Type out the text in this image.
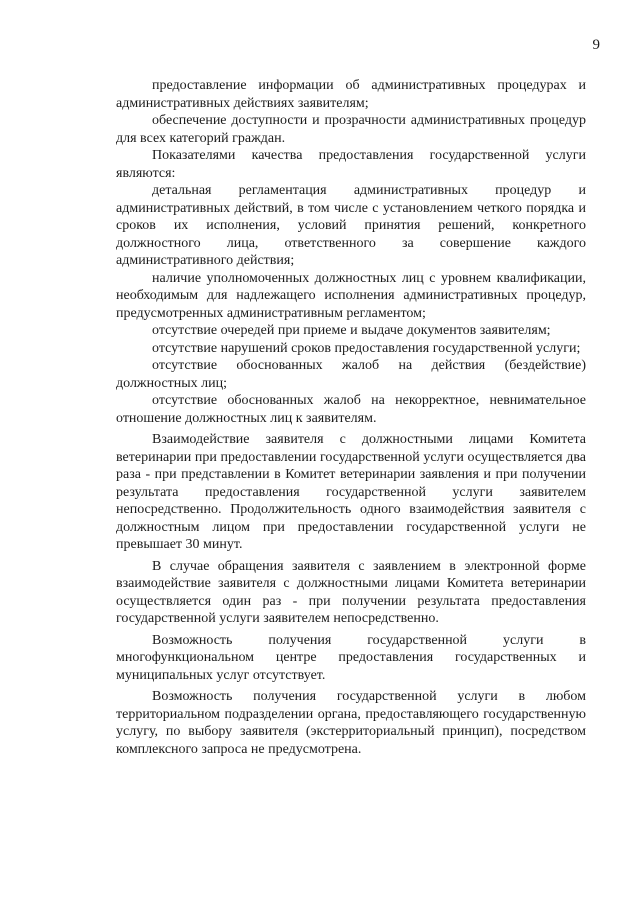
9

предоставление информации об административных процедурах и административных действиях заявителям;

обеспечение доступности и прозрачности административных процедур для всех категорий граждан.

Показателями качества предоставления государственной услуги являются:

детальная регламентация административных процедур и административных действий, в том числе с установлением четкого порядка и сроков их исполнения, условий принятия решений, конкретного должностного лица, ответственного за совершение каждого административного действия;

наличие уполномоченных должностных лиц с уровнем квалификации, необходимым для надлежащего исполнения административных процедур, предусмотренных административным регламентом;

отсутствие очередей при приеме и выдаче документов заявителям;

отсутствие нарушений сроков предоставления государственной услуги;

отсутствие обоснованных жалоб на действия (бездействие) должностных лиц;

отсутствие обоснованных жалоб на некорректное, невнимательное отношение должностных лиц к заявителям.

Взаимодействие заявителя с должностными лицами Комитета ветеринарии при предоставлении государственной услуги осуществляется два раза - при представлении в Комитет ветеринарии заявления и при получении результата предоставления государственной услуги заявителем непосредственно. Продолжительность одного взаимодействия заявителя с должностным лицом при предоставлении государственной услуги не превышает 30 минут.

В случае обращения заявителя с заявлением в электронной форме взаимодействие заявителя с должностными лицами Комитета ветеринарии осуществляется один раз - при получении результата предоставления государственной услуги заявителем непосредственно.

Возможность получения государственной услуги в многофункциональном центре предоставления государственных и муниципальных услуг отсутствует.

Возможность получения государственной услуги в любом территориальном подразделении органа, предоставляющего государственную услугу, по выбору заявителя (экстерриториальный принцип), посредством комплексного запроса не предусмотрена.
